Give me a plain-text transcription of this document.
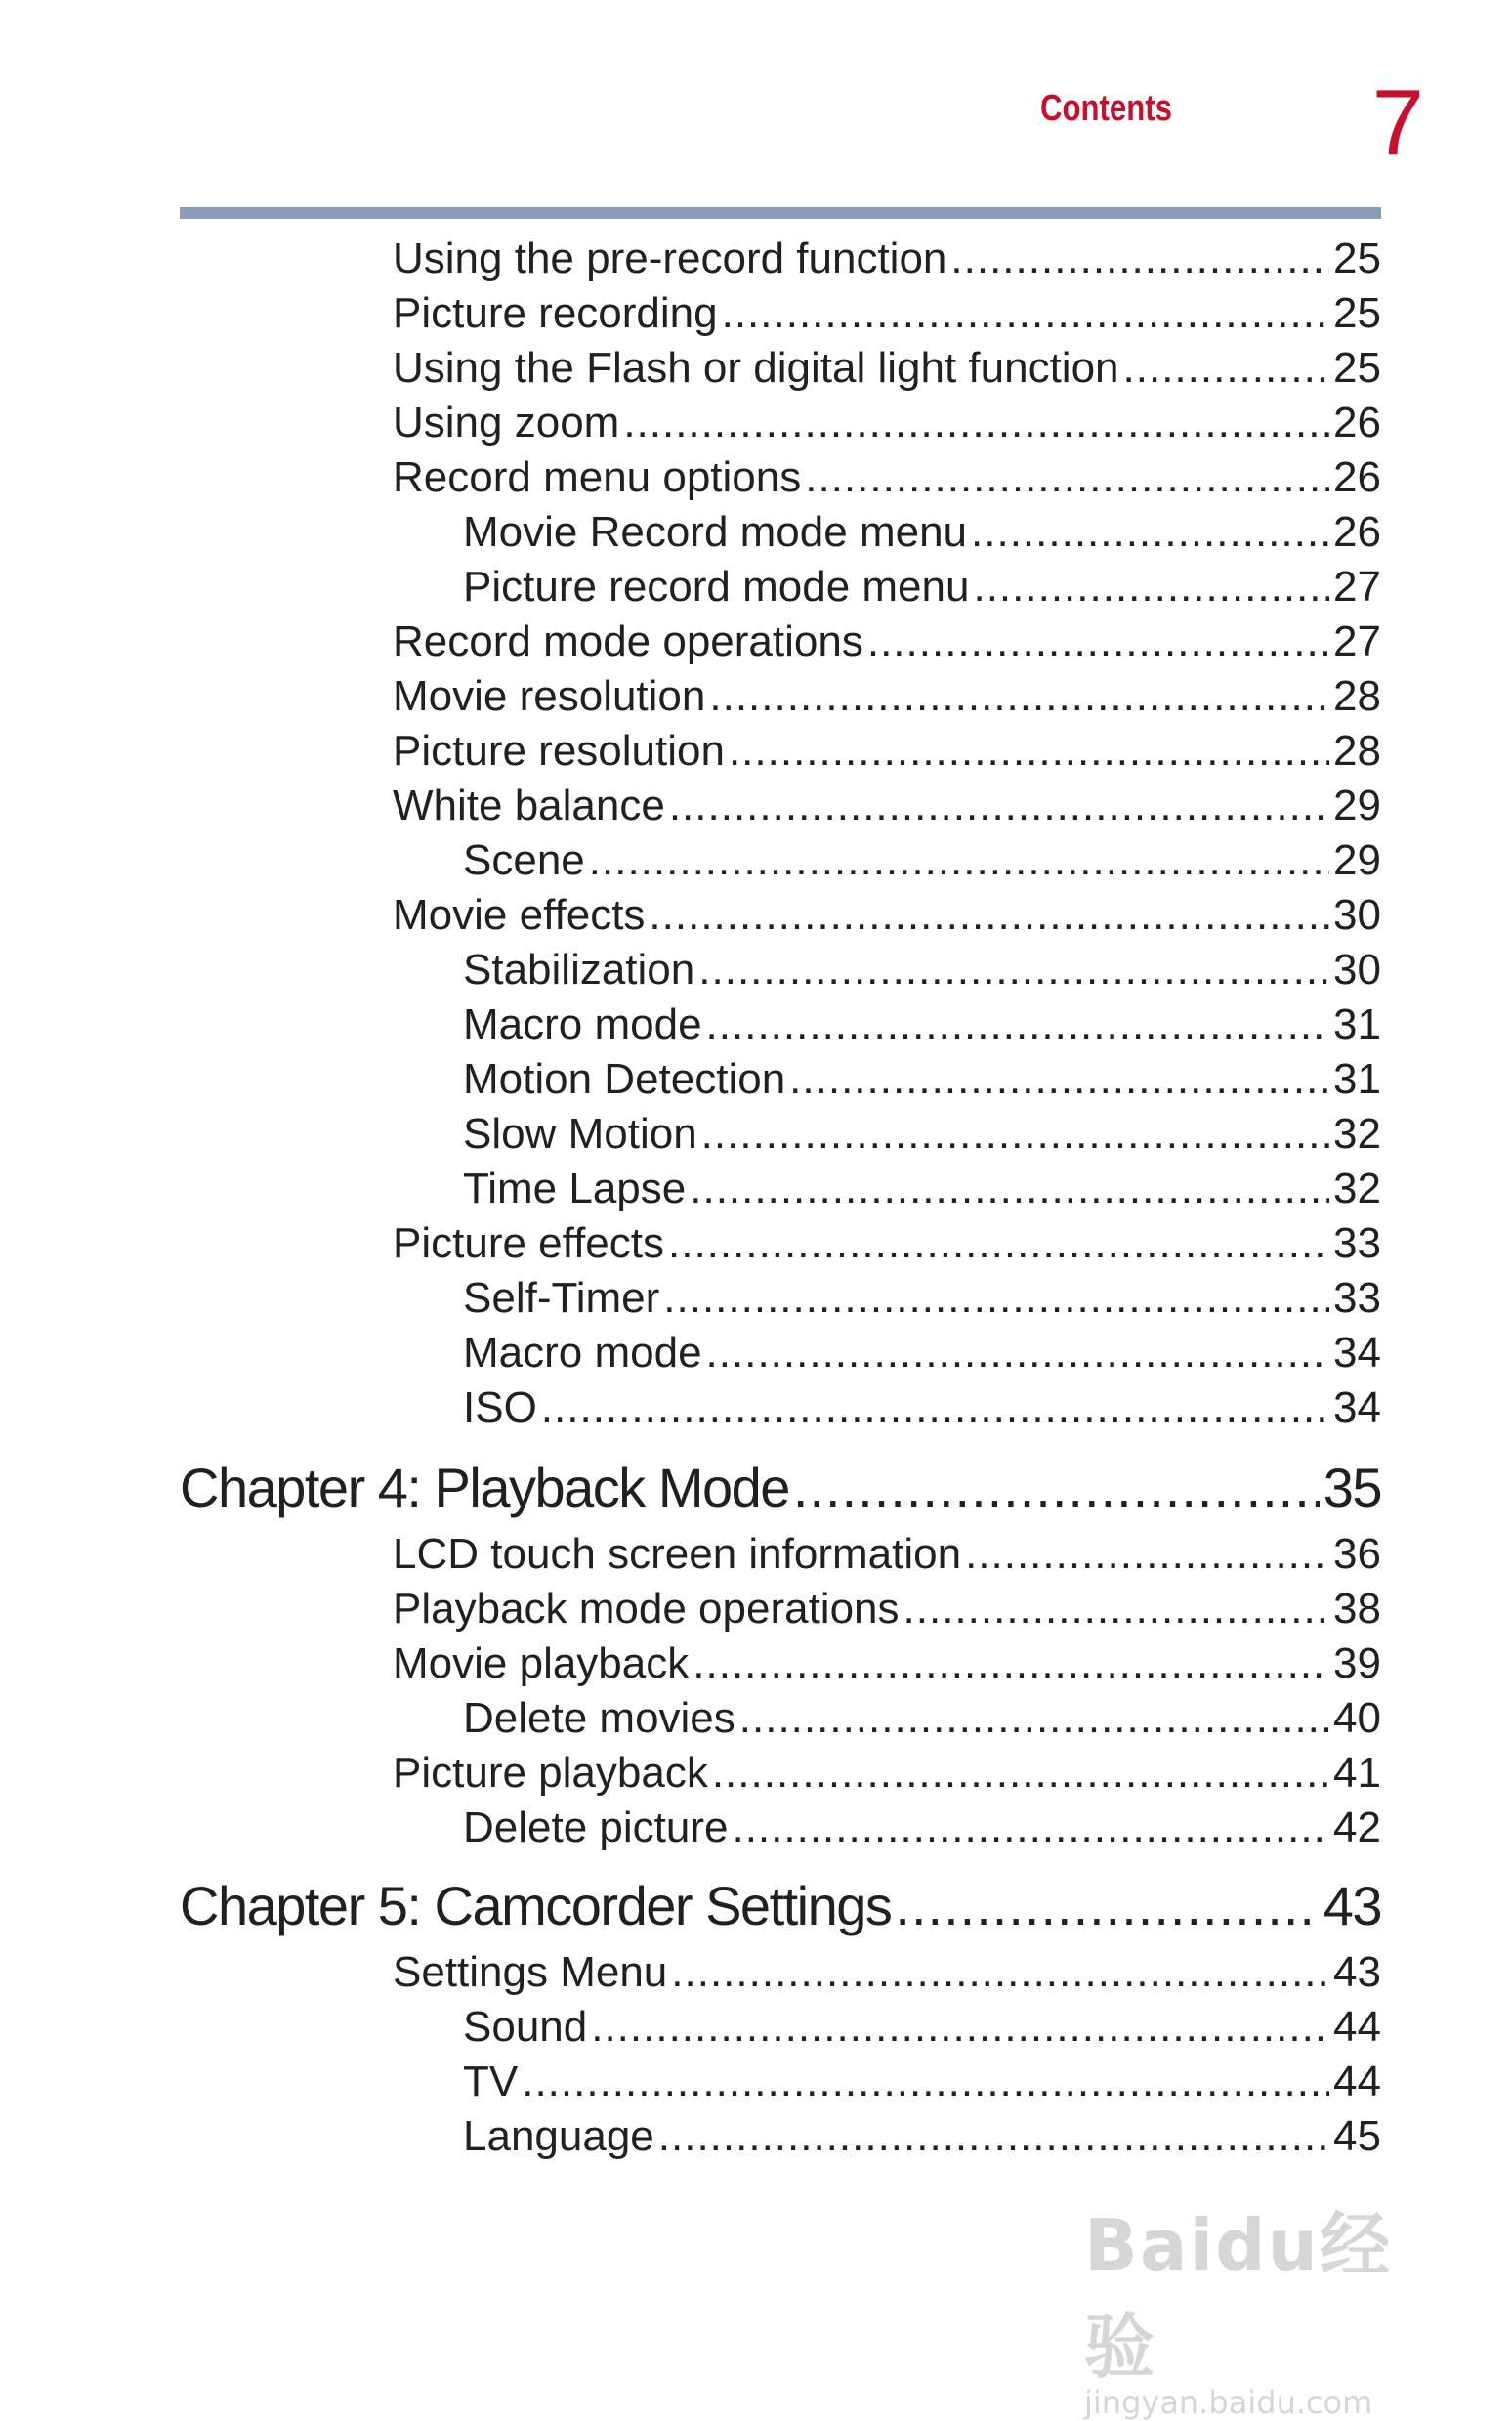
Contents	7
Using the pre-record function .....	25
Picture recording .....	25
Using the Flash or digital light function .....	25
Using zoom .....	26
Record menu options .....	26
Movie Record mode menu .....	26
Picture record mode menu .....	27
Record mode operations .....	27
Movie resolution .....	28
Picture resolution .....	28
White balance .....	29
Scene .....	29
Movie effects .....	30
Stabilization .....	30
Macro mode .....	31
Motion Detection .....	31
Slow Motion .....	32
Time Lapse .....	32
Picture effects .....	33
Self-Timer .....	33
Macro mode .....	34
ISO .....	34
Chapter 4: Playback Mode .....	35
LCD touch screen information .....	36
Playback mode operations .....	38
Movie playback .....	39
Delete movies .....	40
Picture playback .....	41
Delete picture .....	42
Chapter 5: Camcorder Settings .....	43
Settings Menu .....	43
Sound .....	44
TV .....	44
Language .....	45
Baidu经验
jingyan.baidu.com
